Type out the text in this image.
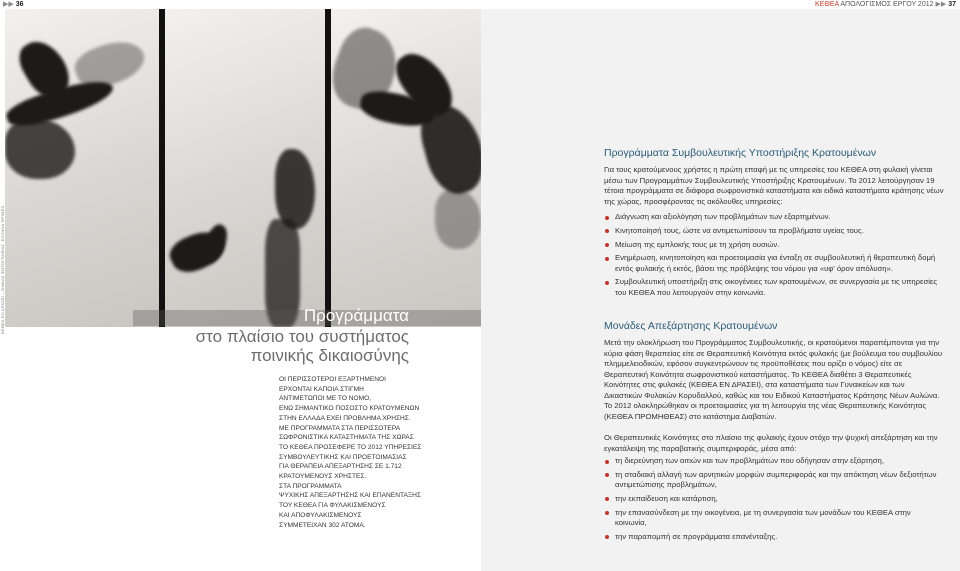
▶▶ 36	ΚΕΘΕΑ ΑΠΟΛΟΓΙΣΜΟΣ ΕΡΓΟΥ 2012 ▶▶ 37
ΚΕΘΕΑ ΕΝ ΔΡΑΣΕΙ – ΟΜΑΔΑ ΦΩΤΟΓΡΑΦΙΑΣ: ΕΛΛΗΝΑ ΦΡΙΜΕΝ	Προγράμματα
στο πλαίσιο του συστήματος
ποινικής δικαιοσύνης
ΟΙ ΠΕΡΙΣΣΟΤΕΡΟΙ ΕΞΑΡΤΗΜΕΝΟΙ
ΕΡΧΟΝΤΑΙ ΚΑΠΟΙΑ ΣΤΙΓΜΗ
ΑΝΤΙΜΕΤΩΠΟΙ ΜΕ ΤΟ ΝΟΜΟ,
ΕΝΩ ΣΗΜΑΝΤΙΚΟ ΠΟΣΟΣΤΟ ΚΡΑΤΟΥΜΕΝΩΝ
ΣΤΗΝ ΕΛΛΑΔΑ ΕΧΕΙ ΠΡΟΒΛΗΜΑ ΧΡΗΣΗΣ.
ΜΕ ΠΡΟΓΡΑΜΜΑΤΑ ΣΤΑ ΠΕΡΙΣΣΟΤΕΡΑ
ΣΩΦΡΟΝΙΣΤΙΚΑ ΚΑΤΑΣΤΗΜΑΤΑ ΤΗΣ ΧΩΡΑΣ
ΤΟ ΚΕΘΕΑ ΠΡΟΣΕΦΕΡΕ ΤΟ 2012 ΥΠΗΡΕΣΙΕΣ
ΣΥΜΒΟΥΛΕΥΤΙΚΗΣ ΚΑΙ ΠΡΟΕΤΟΙΜΑΣΙΑΣ
ΓΙΑ ΘΕΡΑΠΕΙΑ ΑΠΕΞΑΡΤΗΣΗΣ ΣΕ 1.712
ΚΡΑΤΟΥΜΕΝΟΥΣ ΧΡΗΣΤΕΣ.
ΣΤΑ ΠΡΟΓΡΑΜΜΑΤΑ
ΨΥΧΙΚΗΣ ΑΠΕΞΑΡΤΗΣΗΣ ΚΑΙ ΕΠΑΝΕΝΤΑΞΗΣ
ΤΟΥ ΚΕΘΕΑ ΓΙΑ ΦΥΛΑΚΙΣΜΕΝΟΥΣ
ΚΑΙ ΑΠΟΦΥΛΑΚΙΣΜΕΝΟΥΣ
ΣΥΜΜΕΤΕΙΧΑΝ 302 ΑΤΟΜΑ.
Προγράμματα Συμβουλευτικής Υποστήριξης Κρατουμένων
Για τους κρατούμενους χρήστες η πρώτη επαφή με τις υπηρεσίες του ΚΕΘΕΑ στη φυλακή γίνεται μέσω των Προγραμμάτων Συμβουλευτικής Υποστήριξης Κρατουμένων. Το 2012 λειτούργησαν 19 τέτοια προγράμματα σε διάφορα σωφρονιστικά καταστήματα και ειδικά καταστήματα κράτησης νέων της χώρας, προσφέροντας τις ακόλουθες υπηρεσίες:
Διάγνωση και αξιολόγηση των προβλημάτων των εξαρτημένων.
Κινητοποίησή τους, ώστε να αντιμετωπίσουν τα προβλήματα υγείας τους.
Μείωση της εμπλοκής τους με τη χρήση ουσιών.
Ενημέρωση, κινητοποίηση και προετοιμασία για ένταξη σε συμβουλευτική ή θεραπευτική δομή εντός φυλακής ή εκτός, βάσει της πρόβλεψης του νόμου για «υφ' όρον απόλυση».
Συμβουλευτική υποστήριξη στις οικογένειες των κρατουμένων, σε συνεργασία με τις υπηρεσίες του ΚΕΘΕΑ που λειτουργούν στην κοινωνία.
Μονάδες Απεξάρτησης Κρατουμένων
Μετά την ολοκλήρωση του Προγράμματος Συμβουλευτικής, οι κρατούμενοι παραπέμπονται για την κύρια φάση θεραπείας είτε σε Θεραπευτική Κοινότητα εκτός φυλακής (με βούλευμα του συμβουλίου πλημμελειοδικών, εφόσον συγκεντρώνουν τις προϋποθέσεις που ορίζει ο νόμος) είτε σε Θεραπευτική Κοινότητα σωφρονιστικού καταστήματος. Το ΚΕΘΕΑ διαθέτει 3 Θεραπευτικές Κοινότητες στις φυλακές (ΚΕΘΕΑ ΕΝ ΔΡΑΣΕΙ), στα καταστήματα των Γυναικείων και των Δικαστικών Φυλακών Κορυδαλλού, καθώς και του Ειδικού Καταστήματος Κράτησης Νέων Αυλώνα. Το 2012 ολοκληρώθηκαν οι προετοιμασίες για τη λειτουργία της νέας Θεραπευτικής Κοινότητας (ΚΕΘΕΑ ΠΡΟΜΗΘΕΑΣ) στο κατάστημα Διαβατών.
Οι Θεραπευτικές Κοινότητες στο πλαίσιο της φυλακής έχουν στόχο την ψυχική απεξάρτηση και την εγκατάλειψη της παραβατικής συμπεριφοράς, μέσα από:
τη διερεύνηση των αιτιών και των προβλημάτων που οδήγησαν στην εξάρτηση,
τη σταδιακή αλλαγή των αρνητικών μορφών συμπεριφοράς και την απόκτηση νέων δεξιοτήτων αντιμετώπισης προβλημάτων,
την εκπαίδευση και κατάρτιση,
την επανασύνδεση με την οικογένεια, με τη συνεργασία των μονάδων του ΚΕΘΕΑ στην κοινωνία,
την παραπομπή σε προγράμματα επανένταξης.
